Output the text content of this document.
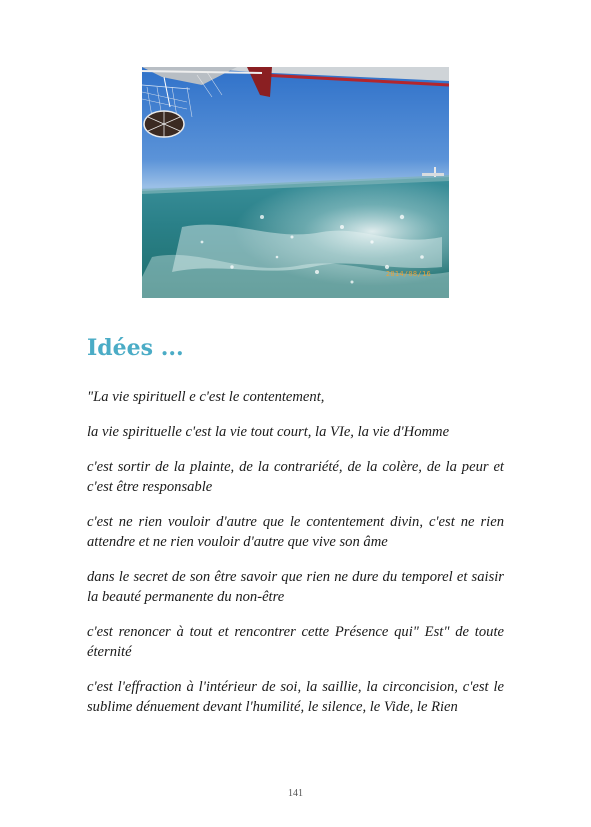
2014/08/16
Idées ...

"La vie spirituell e c'est le contentement,

la vie spirituelle c'est la vie tout court, la VIe, la vie d'Homme

c'est sortir de la plainte, de la contrariété, de la colère, de la peur et c'est être responsable

c'est ne rien vouloir d'autre que le contentement divin, c'est ne rien attendre et ne rien vouloir d'autre que vive son âme

dans le secret de son être savoir que rien ne dure du temporel et saisir la beauté permanente du non-être

c'est renoncer à tout et rencontrer cette Présence qui" Est" de toute éternité

c'est l'effraction à l'intérieur de soi, la saillie, la circoncision, c'est le sublime dénuement devant l'humilité, le silence, le Vide, le Rien

141
